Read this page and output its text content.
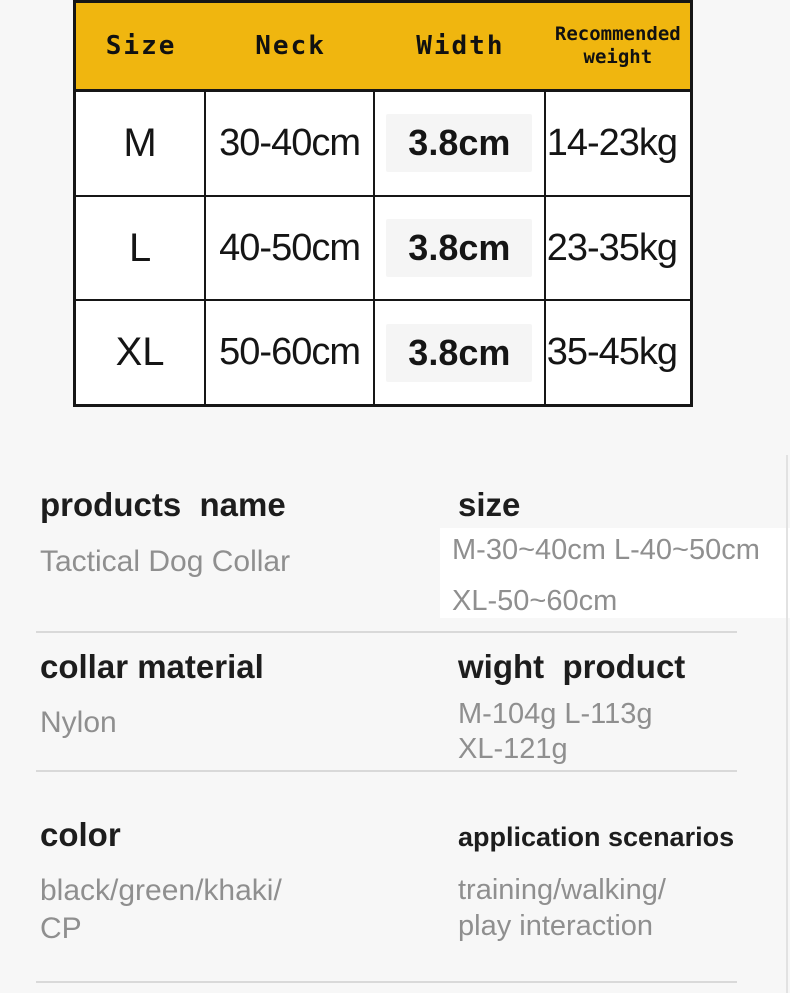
Size	Neck	Width	Recommended
weight
M	30-40cm	3.8cm 14-23kg
L	40-50cm	3.8cm 23-35kg
XL	50-60cm	3.8cm 35-45kg
products  name
Tactical Dog Collar
size
M-30~40cm L-40~50cm
XL-50~60cm
collar material
Nylon
wight  product
M-104g L-113g
XL-121g
color
black/green/khaki/
CP
application scenarios
training/walking/
play interaction
